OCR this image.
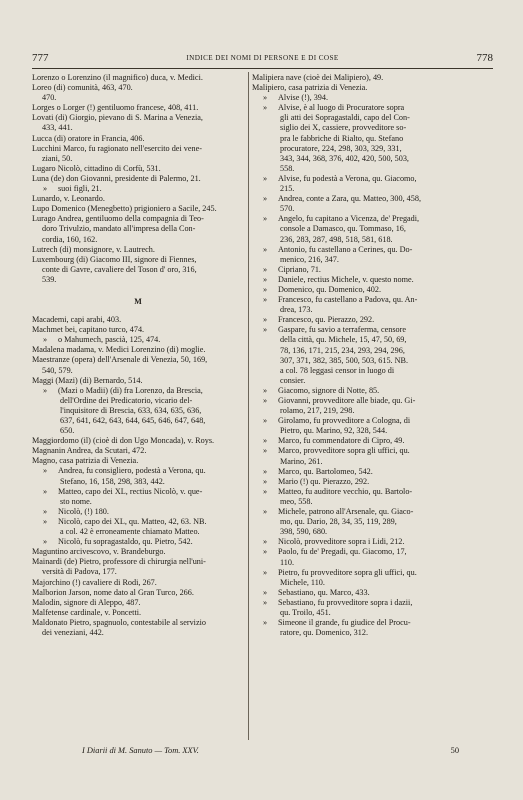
777	INDICE DEI NOMI DI PERSONE E DI COSE	778
Lorenzo o Lorenzino (il magnifico) duca, v. Medici.
Loreo (di) comunità, 463, 470.
470.
Lorges o Lorger (!) gentiluomo francese, 408, 411.
Lovati (di) Giorgio, pievano di S. Marina a Venezia,
433, 441.
Lucca (di) oratore in Francia, 406.
Lucchini Marco, fu ragionato nell'esercito dei vene-
ziani, 50.
Lugaro Nicolò, cittadino di Corfù, 531.
Luna (de) don Giovanni, presidente di Palermo, 21.
»	suoi figli, 21.
Lunardo, v. Leonardo.
Lupo Domenico (Menegbetto) prigioniero a Sacile, 245.
Lurago Andrea, gentiluomo della compagnia di Teo-
doro Trivulzio, mandato all'impresa della Con-
cordia, 160, 162.
Lutrech (di) monsignore, v. Lautrech.
Luxembourg (di) Giacomo III, signore di Fiennes,
conte di Gavre, cavaliere del Toson d' oro, 316,
539.
M
Macademi, capi arabi, 403.
Machmet bei, capitano turco, 474.
»	o Mahumech, pascià, 125, 474.
Madalena madama, v. Medici Lorenzino (di) moglie.
Maestranze (opera) dell'Arsenale di Venezia, 50, 169,
540, 579.
Maggi (Mazi) (di) Bernardo, 514.
»	(Mazi o Madii) (di) fra Lorenzo, da Brescia,
dell'Ordine dei Predicatorio, vicario del-
l'inquisitore di Brescia, 633, 634, 635, 636,
637, 641, 642, 643, 644, 645, 646, 647, 648,
650.
Maggiordomo (il) (cioè di don Ugo Moncada), v. Roys.
Magnanin Andrea, da Scutari, 472.
Magno, casa patrizia di Venezia.
»	Andrea, fu consigliero, podestà a Verona, qu.
Stefano, 16, 158, 298, 383, 442.
»	Matteo, capo dei XL, rectius Nicolò, v. que-
sto nome.
»	Nicolò, (!) 180.
»	Nicolò, capo dei XL, qu. Matteo, 42, 63. NB.
a col. 42 è erroneamente chiamato Matteo.
»	Nicolò, fu sopragastaldo, qu. Pietro, 542.
Maguntino arcivescovo, v. Brandeburgo.
Mainardi (de) Pietro, professore di chirurgia nell'uni-
versità di Padova, 177.
Majorchino (!) cavaliere di Rodi, 267.
Malborion Jarson, nome dato al Gran Turco, 266.
Malodin, signore di Aleppo, 487.
Malfetense cardinale, v. Poncetti.
Maldonato Pietro, spagnuolo, contestabile al servizio
dei veneziani, 442.
Malipiera nave (cioè dei Malipiero), 49.
Malipiero, casa patrizia di Venezia.
»	Alvise (!), 394.
»	Alvise, è al luogo di Procuratore sopra
gli atti dei Sopragastaldi, capo del Con-
siglio dei X, cassiere, provveditore so-
pra le fabbriche di Rialto, qu. Stefano
procuratore, 224, 298, 303, 329, 331,
343, 344, 368, 376, 402, 420, 500, 503,
558.
»	Alvise, fu podestà a Verona, qu. Giacomo,
215.
»	Andrea, conte a Zara, qu. Matteo, 300, 458,
570.
»	Angelo, fu capitano a Vicenza, de' Pregadi,
console a Damasco, qu. Tommaso, 16,
236, 283, 287, 498, 518, 581, 618.
»	Antonio, fu castellano a Cerines, qu. Do-
menico, 216, 347.
»	Cipriano, 71.
»	Daniele, rectius Michele, v. questo nome.
»	Domenico, qu. Domenico, 402.
»	Francesco, fu castellano a Padova, qu. An-
drea, 173.
»	Francesco, qu. Pierazzo, 292.
»	Gaspare, fu savio a terraferma, censore
della città, qu. Michele, 15, 47, 50, 69,
78, 136, 171, 215, 234, 293, 294, 296,
307, 371, 382, 385, 500, 503, 615. NB.
a col. 78 leggasi censor in luogo di
consier.
»	Giacomo, signore di Notte, 85.
»	Giovanni, provveditore alle biade, qu. Gi-
rolamo, 217, 219, 298.
»	Girolamo, fu provveditore a Cologna, di
Pietro, qu. Marino, 92, 328, 544.
»	Marco, fu commendatore di Cipro, 49.
»	Marco, provveditore sopra gli uffici, qu.
Marino, 261.
»	Marco, qu. Bartolomeo, 542.
»	Mario (!) qu. Pierazzo, 292.
»	Matteo, fu auditore vecchio, qu. Bartolo-
meo, 558.
»	Michele, patrono all'Arsenale, qu. Giaco-
mo, qu. Dario, 28, 34, 35, 119, 289,
398, 590, 680.
»	Nicolò, provveditore sopra i Lidi, 212.
»	Paolo, fu de' Pregadi, qu. Giacomo, 17,
110.
»	Pietro, fu provveditore sopra gli uffici, qu.
Michele, 110.
»	Sebastiano, qu. Marco, 433.
»	Sebastiano, fu provveditore sopra i dazii,
qu. Troilo, 451.
»	Simeone il grande, fu giudice del Procu-
ratore, qu. Domenico, 312.
I Diarii di M. Sanuto — Tom. XXV.	50
